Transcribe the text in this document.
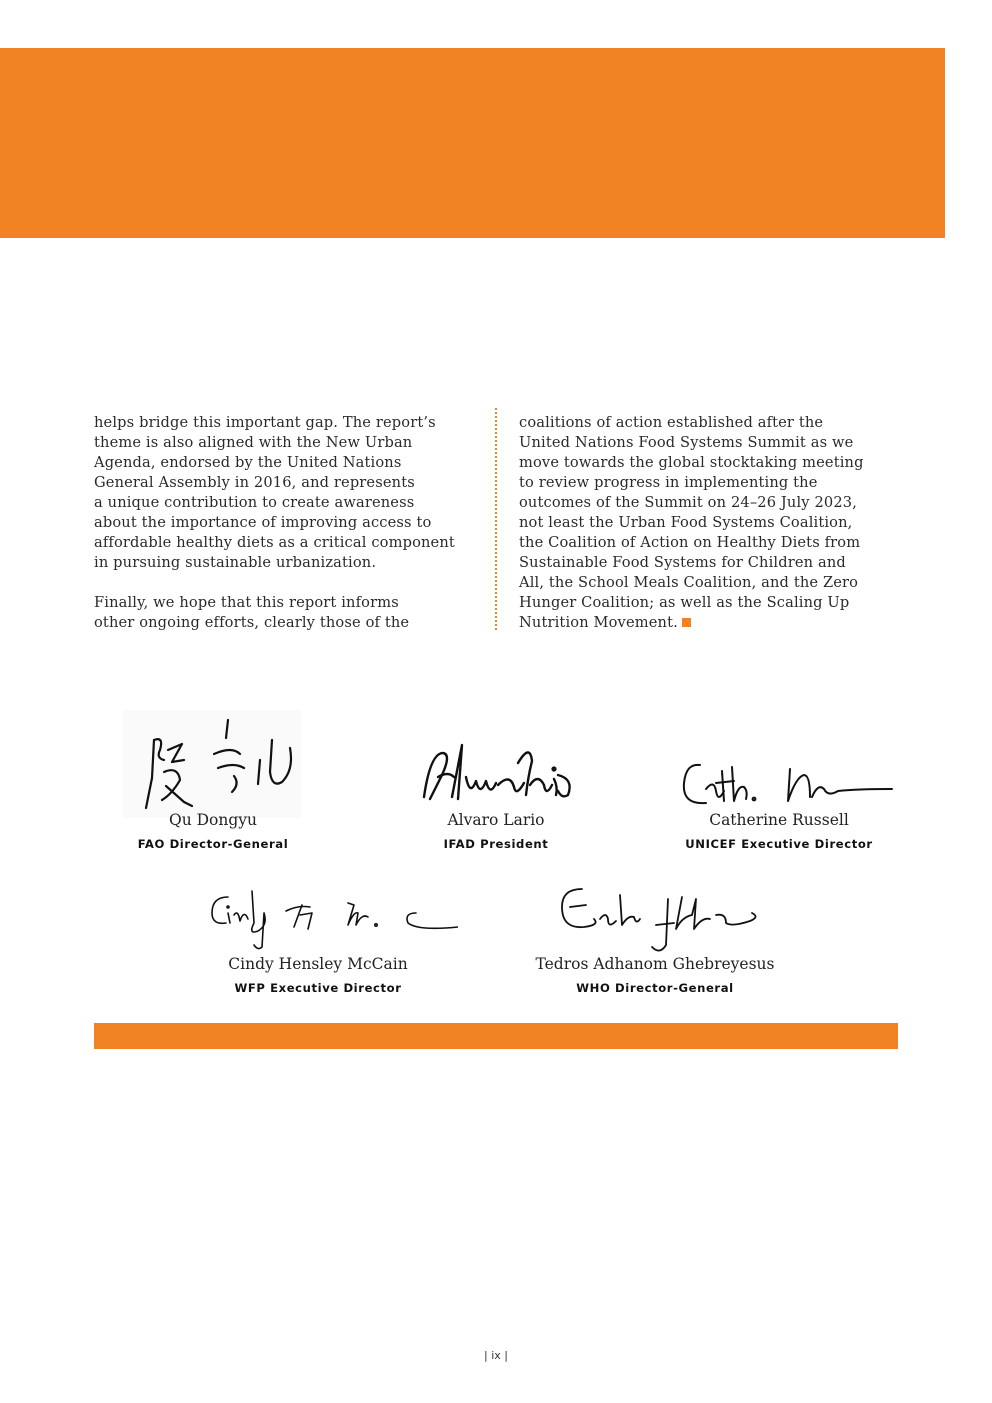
helps bridge this important gap. The report’s
theme is also aligned with the New Urban
Agenda, endorsed by the United Nations
General Assembly in 2016, and represents
a unique contribution to create awareness
about the importance of improving access to
affordable healthy diets as a critical component
in pursuing sustainable urbanization.

Finally, we hope that this report informs
other ongoing efforts, clearly those of the

coalitions of action established after the
United Nations Food Systems Summit as we
move towards the global stocktaking meeting
to review progress in implementing the
outcomes of the Summit on 24–26 July 2023,
not least the Urban Food Systems Coalition,
the Coalition of Action on Healthy Diets from
Sustainable Food Systems for Children and
All, the School Meals Coalition, and the Zero
Hunger Coalition; as well as the Scaling Up
Nutrition Movement.

Qu Dongyu
FAO Director-General
Alvaro Lario
IFAD President
Catherine Russell
UNICEF Executive Director
Cindy Hensley McCain
WFP Executive Director
Tedros Adhanom Ghebreyesus
WHO Director-General
| ix |
